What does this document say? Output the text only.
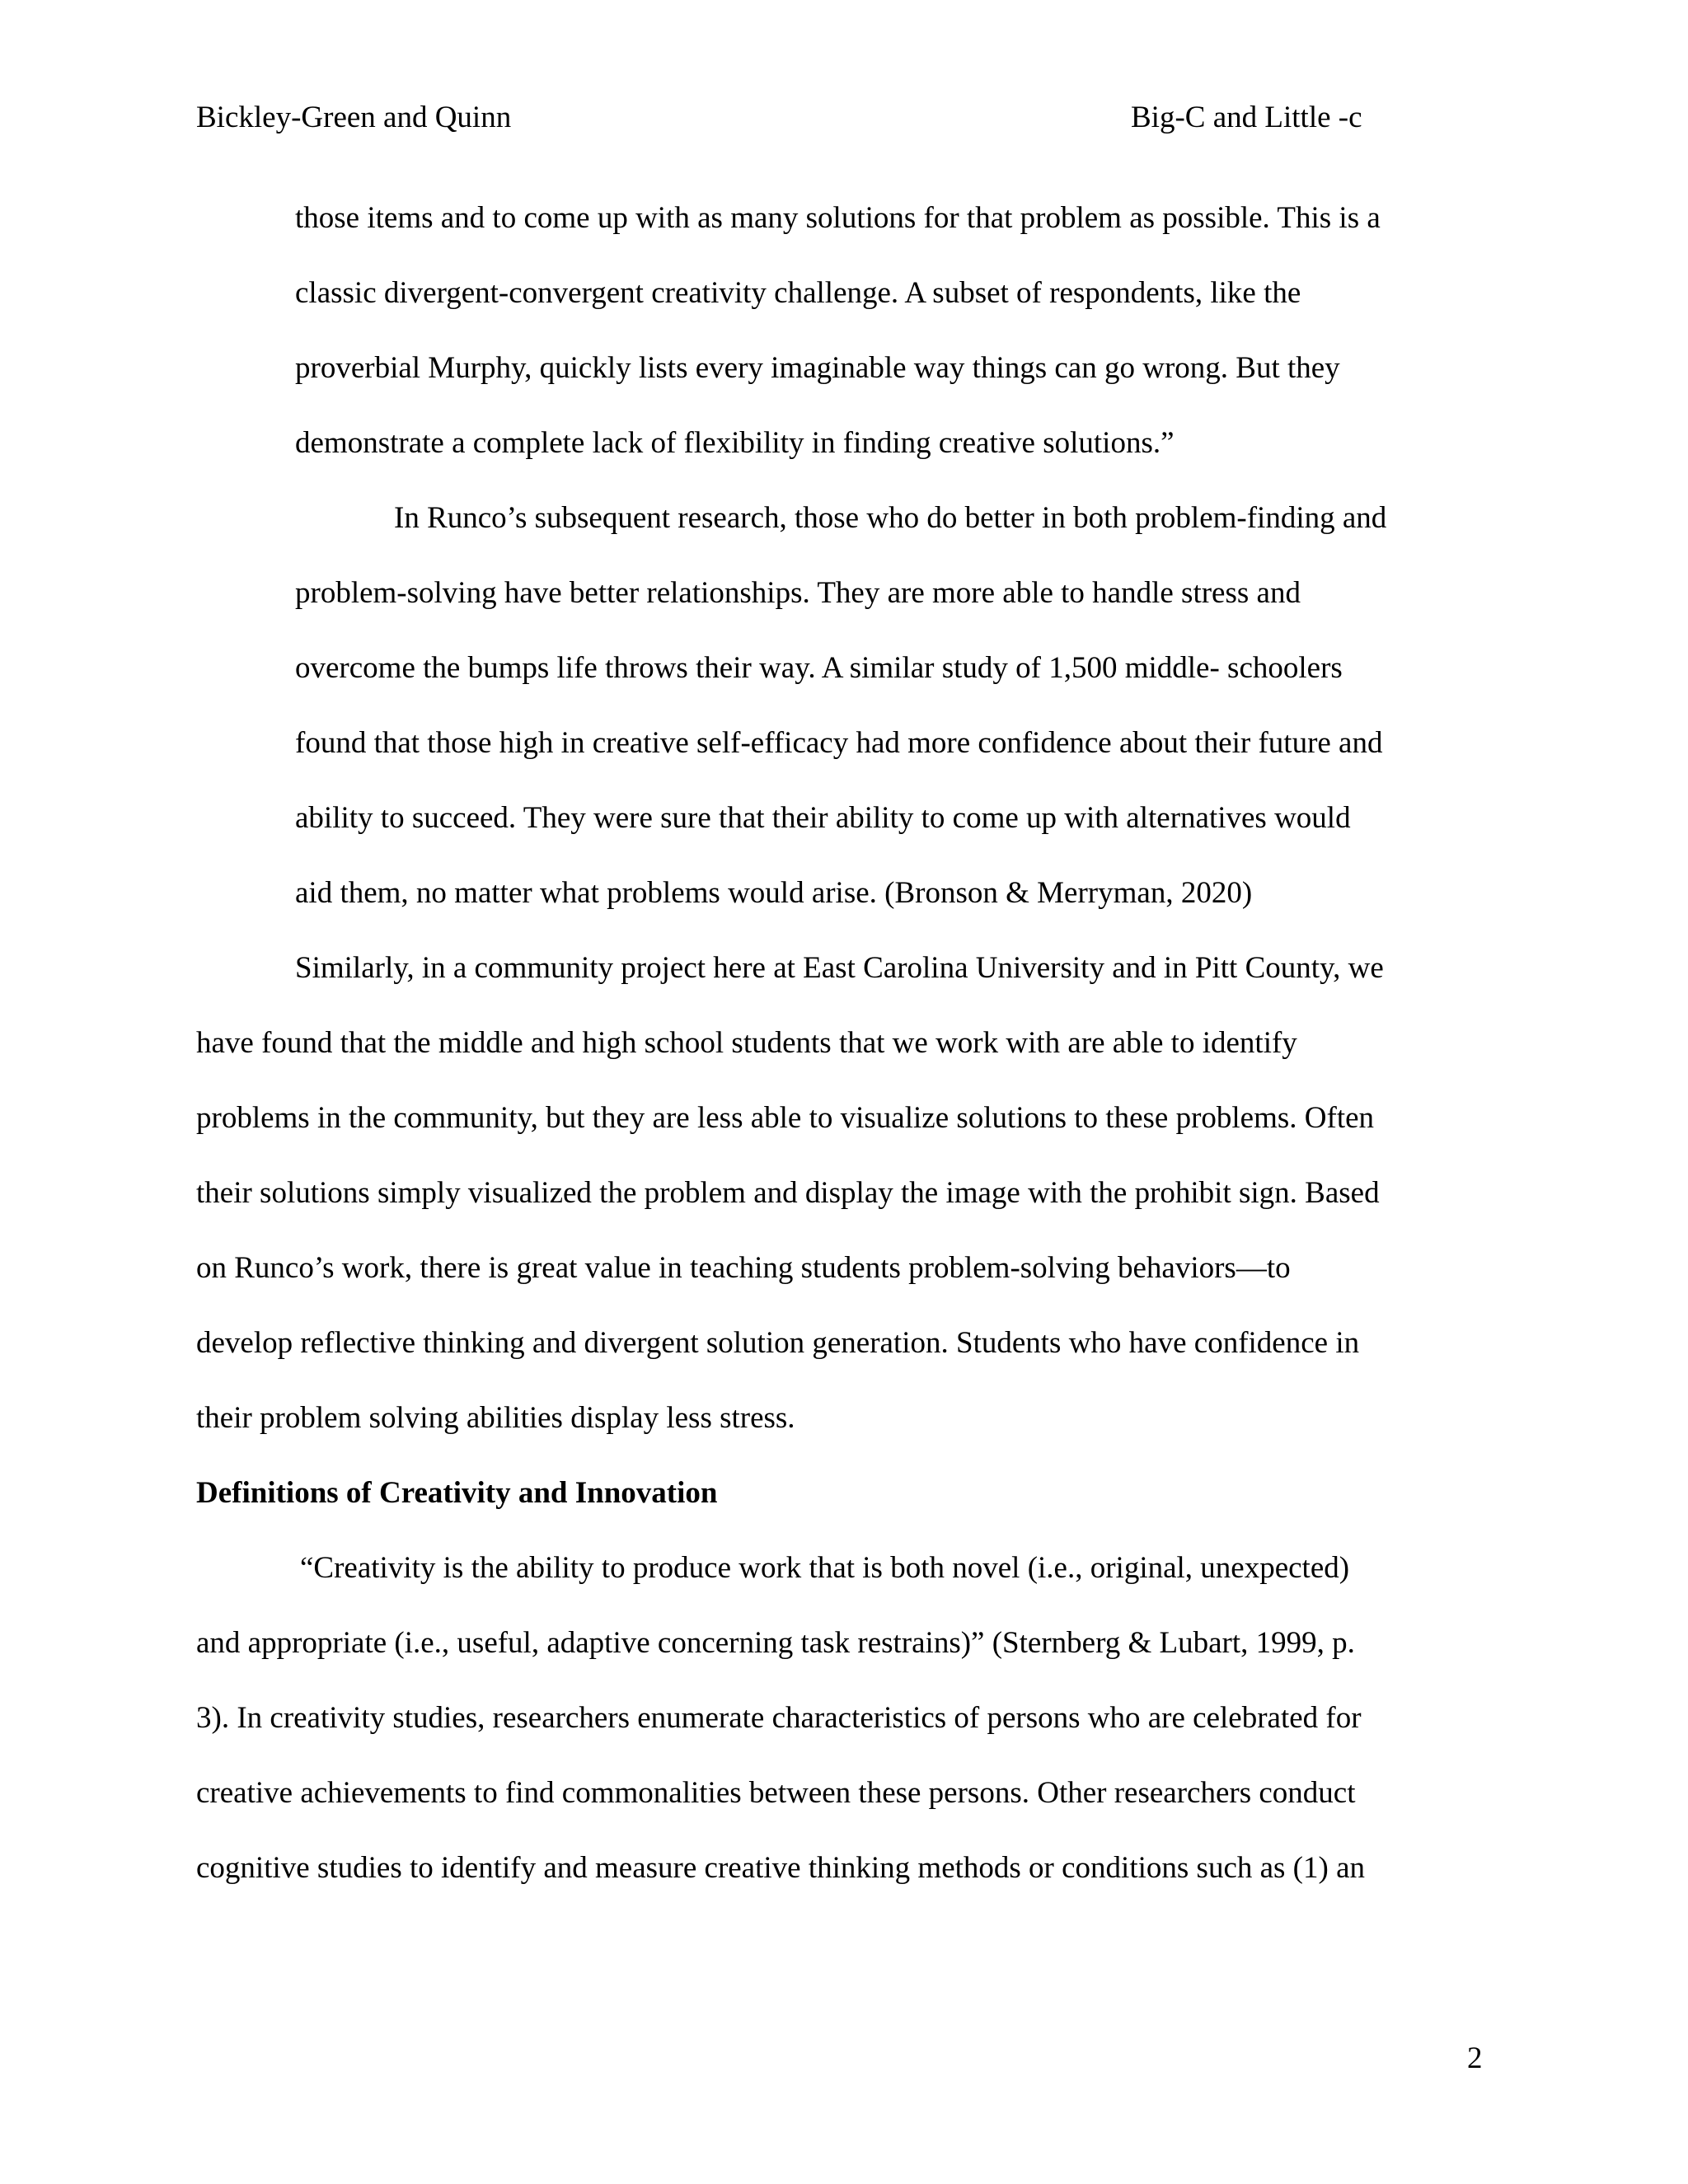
Bickley-Green and Quinn	Big-C and Little -c

those items and to come up with as many solutions for that problem as possible. This is a

classic divergent-convergent creativity challenge. A subset of respondents, like the

proverbial Murphy, quickly lists every imaginable way things can go wrong. But they

demonstrate a complete lack of flexibility in finding creative solutions.”

In Runco’s subsequent research, those who do better in both problem-finding and

problem-solving have better relationships. They are more able to handle stress and

overcome the bumps life throws their way. A similar study of 1,500 middle- schoolers

found that those high in creative self-efficacy had more confidence about their future and

ability to succeed. They were sure that their ability to come up with alternatives would

aid them, no matter what problems would arise. (Bronson & Merryman, 2020)

Similarly, in a community project here at East Carolina University and in Pitt County, we

have found that the middle and high school students that we work with are able to identify

problems in the community, but they are less able to visualize solutions to these problems. Often

their solutions simply visualized the problem and display the image with the prohibit sign. Based

on Runco’s work, there is great value in teaching students problem-solving behaviors—to

develop reflective thinking and divergent solution generation. Students who have confidence in

their problem solving abilities display less stress.

Definitions of Creativity and Innovation

“Creativity is the ability to produce work that is both novel (i.e., original, unexpected)

and appropriate (i.e., useful, adaptive concerning task restrains)” (Sternberg & Lubart, 1999, p.

3). In creativity studies, researchers enumerate characteristics of persons who are celebrated for

creative achievements to find commonalities between these persons. Other researchers conduct

cognitive studies to identify and measure creative thinking methods or conditions such as (1) an

2
